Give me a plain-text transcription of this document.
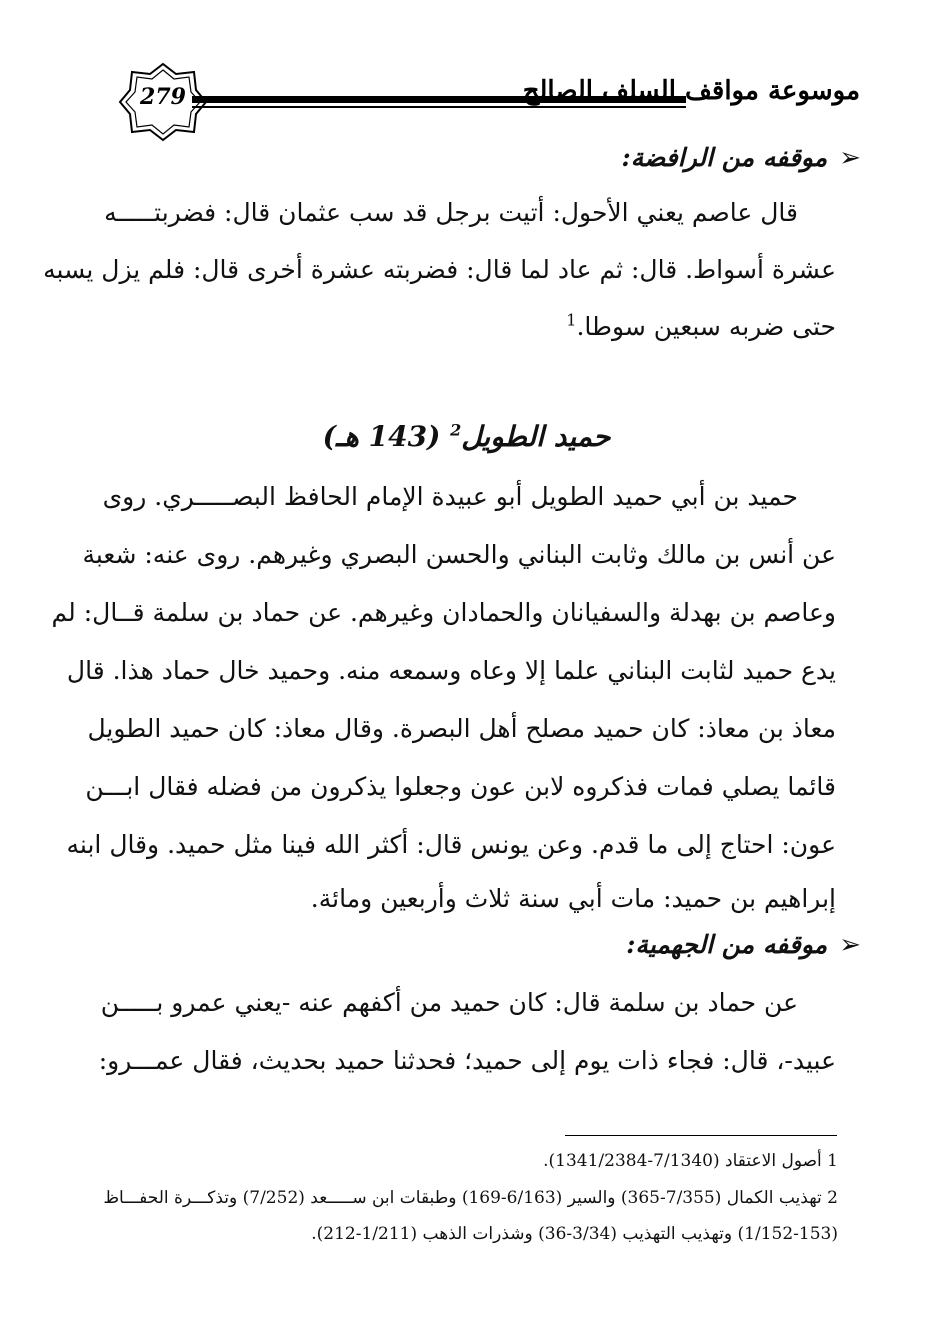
279	موسوعة مواقف السلف الصالح
➢موقفه من الرافضة:
قال عاصم يعني الأحول: أتيت برجل قد سب عثمان قال: فضربتـــــه
عشرة أسواط. قال: ثم عاد لما قال: فضربته عشرة أخرى قال: فلم يزل يسبه
حتى ضربه سبعين سوطا.$^1$
حميد الطويل$^2$ (143 هـ)
حميد بن أبي حميد الطويل أبو عبيدة الإمام الحافظ البصـــــري. روى
عن أنس بن مالك وثابت البناني والحسن البصري وغيرهم. روى عنه: شعبة
وعاصم بن بهدلة والسفيانان والحمادان وغيرهم. عن حماد بن سلمة قــال: لم
يدع حميد لثابت البناني علما إلا وعاه وسمعه منه. وحميد خال حماد هذا. قال
معاذ بن معاذ: كان حميد مصلح أهل البصرة. وقال معاذ: كان حميد الطويل
قائما يصلي فمات فذكروه لابن عون وجعلوا يذكرون من فضله فقال ابـــن
عون: احتاج إلى ما قدم. وعن يونس قال: أكثر الله فينا مثل حميد. وقال ابنه
إبراهيم بن حميد: مات أبي سنة ثلاث وأربعين ومائة.
➢موقفه من الجهمية:
عن حماد بن سلمة قال: كان حميد من أكفهم عنه -يعني عمرو بـــــن
عبيد-، قال: فجاء ذات يوم إلى حميد؛ فحدثنا حميد بحديث، فقال عمـــرو:
1 أصول الاعتقاد (7/1340-1341/2384).
2 تهذيب الكمال (7/355-365) والسير (6/163-169) وطبقات ابن ســـــعد (7/252) وتذكـــرة الحفـــاظ
(1/152-153) وتهذيب التهذيب (3/34-36) وشذرات الذهب (1/211-212).
